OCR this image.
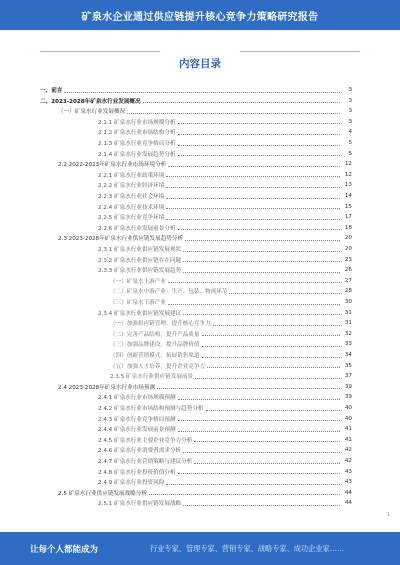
矿泉水企业通过供应链提升核心竞争力策略研究报告
内容目录
一、前言	3
二、2023-2028年矿泉水行业发展概况	3
（一）矿泉水行业发展概况	3
2.1.1 矿泉水行业市场规模分析	3
2.1.2 矿泉水行业市场结构分析	4
2.1.3 矿泉水行业竞争格局分析	5
2.1.4 矿泉水行业发展趋势分析	5
2.2 2022-2023年矿泉水行业市场环境分析	12
2.2.1 矿泉水行业政策环境	12
2.2.2 矿泉水行业经济环境	13
2.2.3 矿泉水行业社会环境	14
2.2.4 矿泉水行业技术环境	15
2.2.5 矿泉水行业竞争环境	17
2.2.6 矿泉水行业发展前景分析	18
2.3 2023-2028年矿泉水行业供应链发展趋势分析	20
2.3.1 矿泉水行业供应链发展现状	20
2.3.2 矿泉水行业供应链存在问题	23
2.3.3 矿泉水行业供应链发展趋势	26
（一）矿泉水上游产业	27
（二）矿泉水中游产业：生产、包装、物流环节	28
（三）矿泉水下游产业	30
2.3.4 矿泉水行业供应链发展建议	31
（一）加强供应链管理，提升核心竞争力	31
（二）完善产品结构，提升产品质量	32
（三）加强品牌建设，提升品牌价值	33
（四）创新营销模式，拓展销售渠道	34
（五）加强人才培养，提升企业竞争力	35
2.3.5 矿泉水行业供应链发展前景	37
2.4 2023-2028年矿泉水行业市场预测	39
2.4.1 矿泉水行业市场规模预测	39
2.4.2 矿泉水行业市场结构预测与趋势分析	40
2.4.3 矿泉水行业竞争格局预测	40
2.4.4 矿泉水行业发展前景预测	41
2.4.5 矿泉水行业主要企业竞争力分析	41
2.4.6 矿泉水行业消费者需求分析	42
2.4.7 矿泉水行业营销策略与建议分析	42
2.4.8 矿泉水行业投资价值分析	43
2.4.9 矿泉水行业投资风险	43
2.5 矿泉水行业供应链发展战略分析	44
2.5.1 矿泉水行业供应链发展战略	44
1
让每个人都能成为	行业专家、管理专家、营销专家、战略专家、成功企业家……
